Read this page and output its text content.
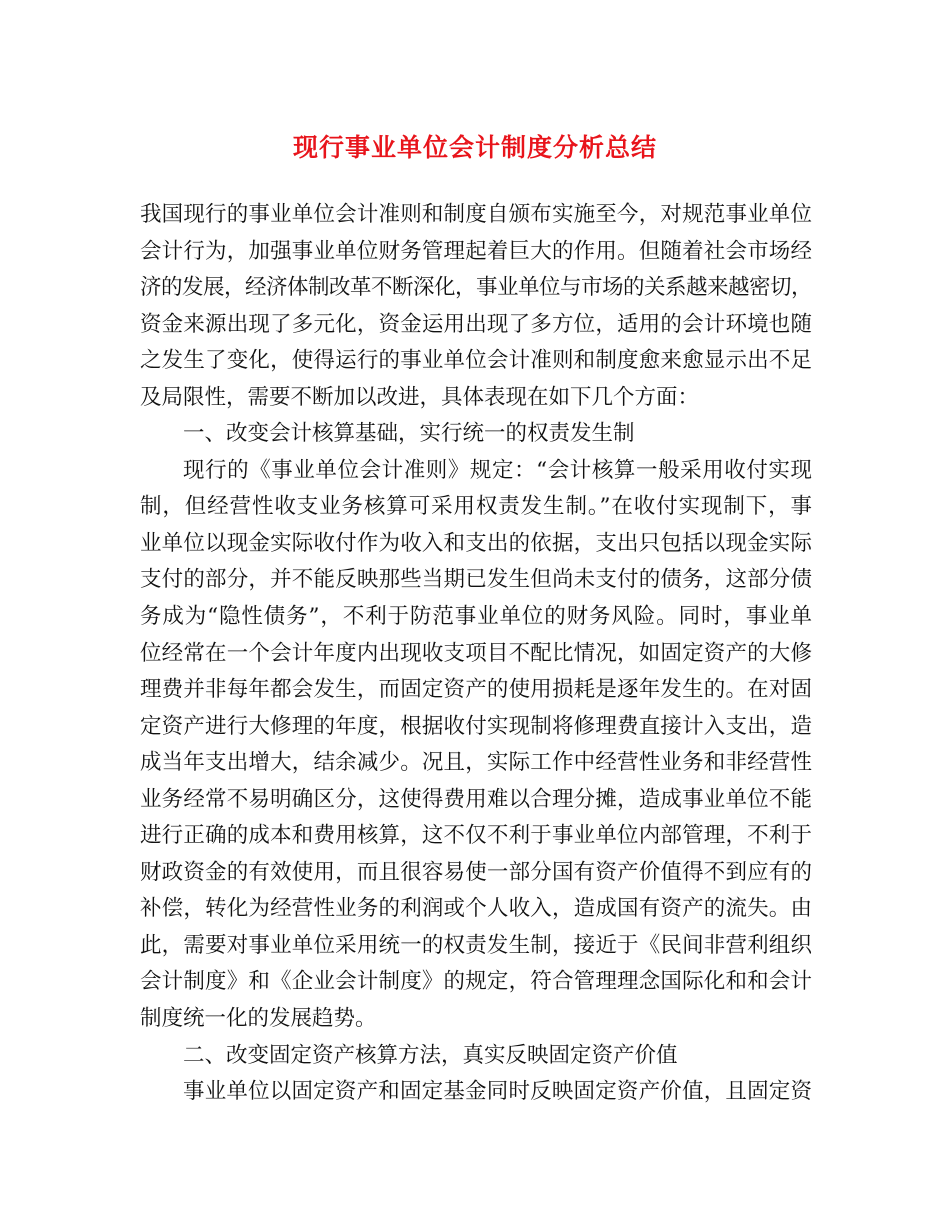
现行事业单位会计制度分析总结
我国现行的事业单位会计准则和制度自颁布实施至今，对规范事业单位
会计行为，加强事业单位财务管理起着巨大的作用。但随着社会市场经
济的发展，经济体制改革不断深化，事业单位与市场的关系越来越密切，
资金来源出现了多元化，资金运用出现了多方位，适用的会计环境也随
之发生了变化，使得运行的事业单位会计准则和制度愈来愈显示出不足
及局限性，需要不断加以改进，具体表现在如下几个方面：
一、改变会计核算基础，实行统一的权责发生制
现行的《事业单位会计准则》规定：“会计核算一般采用收付实现
制，但经营性收支业务核算可采用权责发生制。”在收付实现制下，事
业单位以现金实际收付作为收入和支出的依据，支出只包括以现金实际
支付的部分，并不能反映那些当期已发生但尚未支付的债务，这部分债
务成为“隐性债务”，不利于防范事业单位的财务风险。同时，事业单
位经常在一个会计年度内出现收支项目不配比情况，如固定资产的大修
理费并非每年都会发生，而固定资产的使用损耗是逐年发生的。在对固
定资产进行大修理的年度，根据收付实现制将修理费直接计入支出，造
成当年支出增大，结余减少。况且，实际工作中经营性业务和非经营性
业务经常不易明确区分，这使得费用难以合理分摊，造成事业单位不能
进行正确的成本和费用核算，这不仅不利于事业单位内部管理，不利于
财政资金的有效使用，而且很容易使一部分国有资产价值得不到应有的
补偿，转化为经营性业务的利润或个人收入，造成国有资产的流失。由
此，需要对事业单位采用统一的权责发生制，接近于《民间非营利组织
会计制度》和《企业会计制度》的规定，符合管理理念国际化和和会计
制度统一化的发展趋势。
二、改变固定资产核算方法，真实反映固定资产价值
事业单位以固定资产和固定基金同时反映固定资产价值，且固定资
